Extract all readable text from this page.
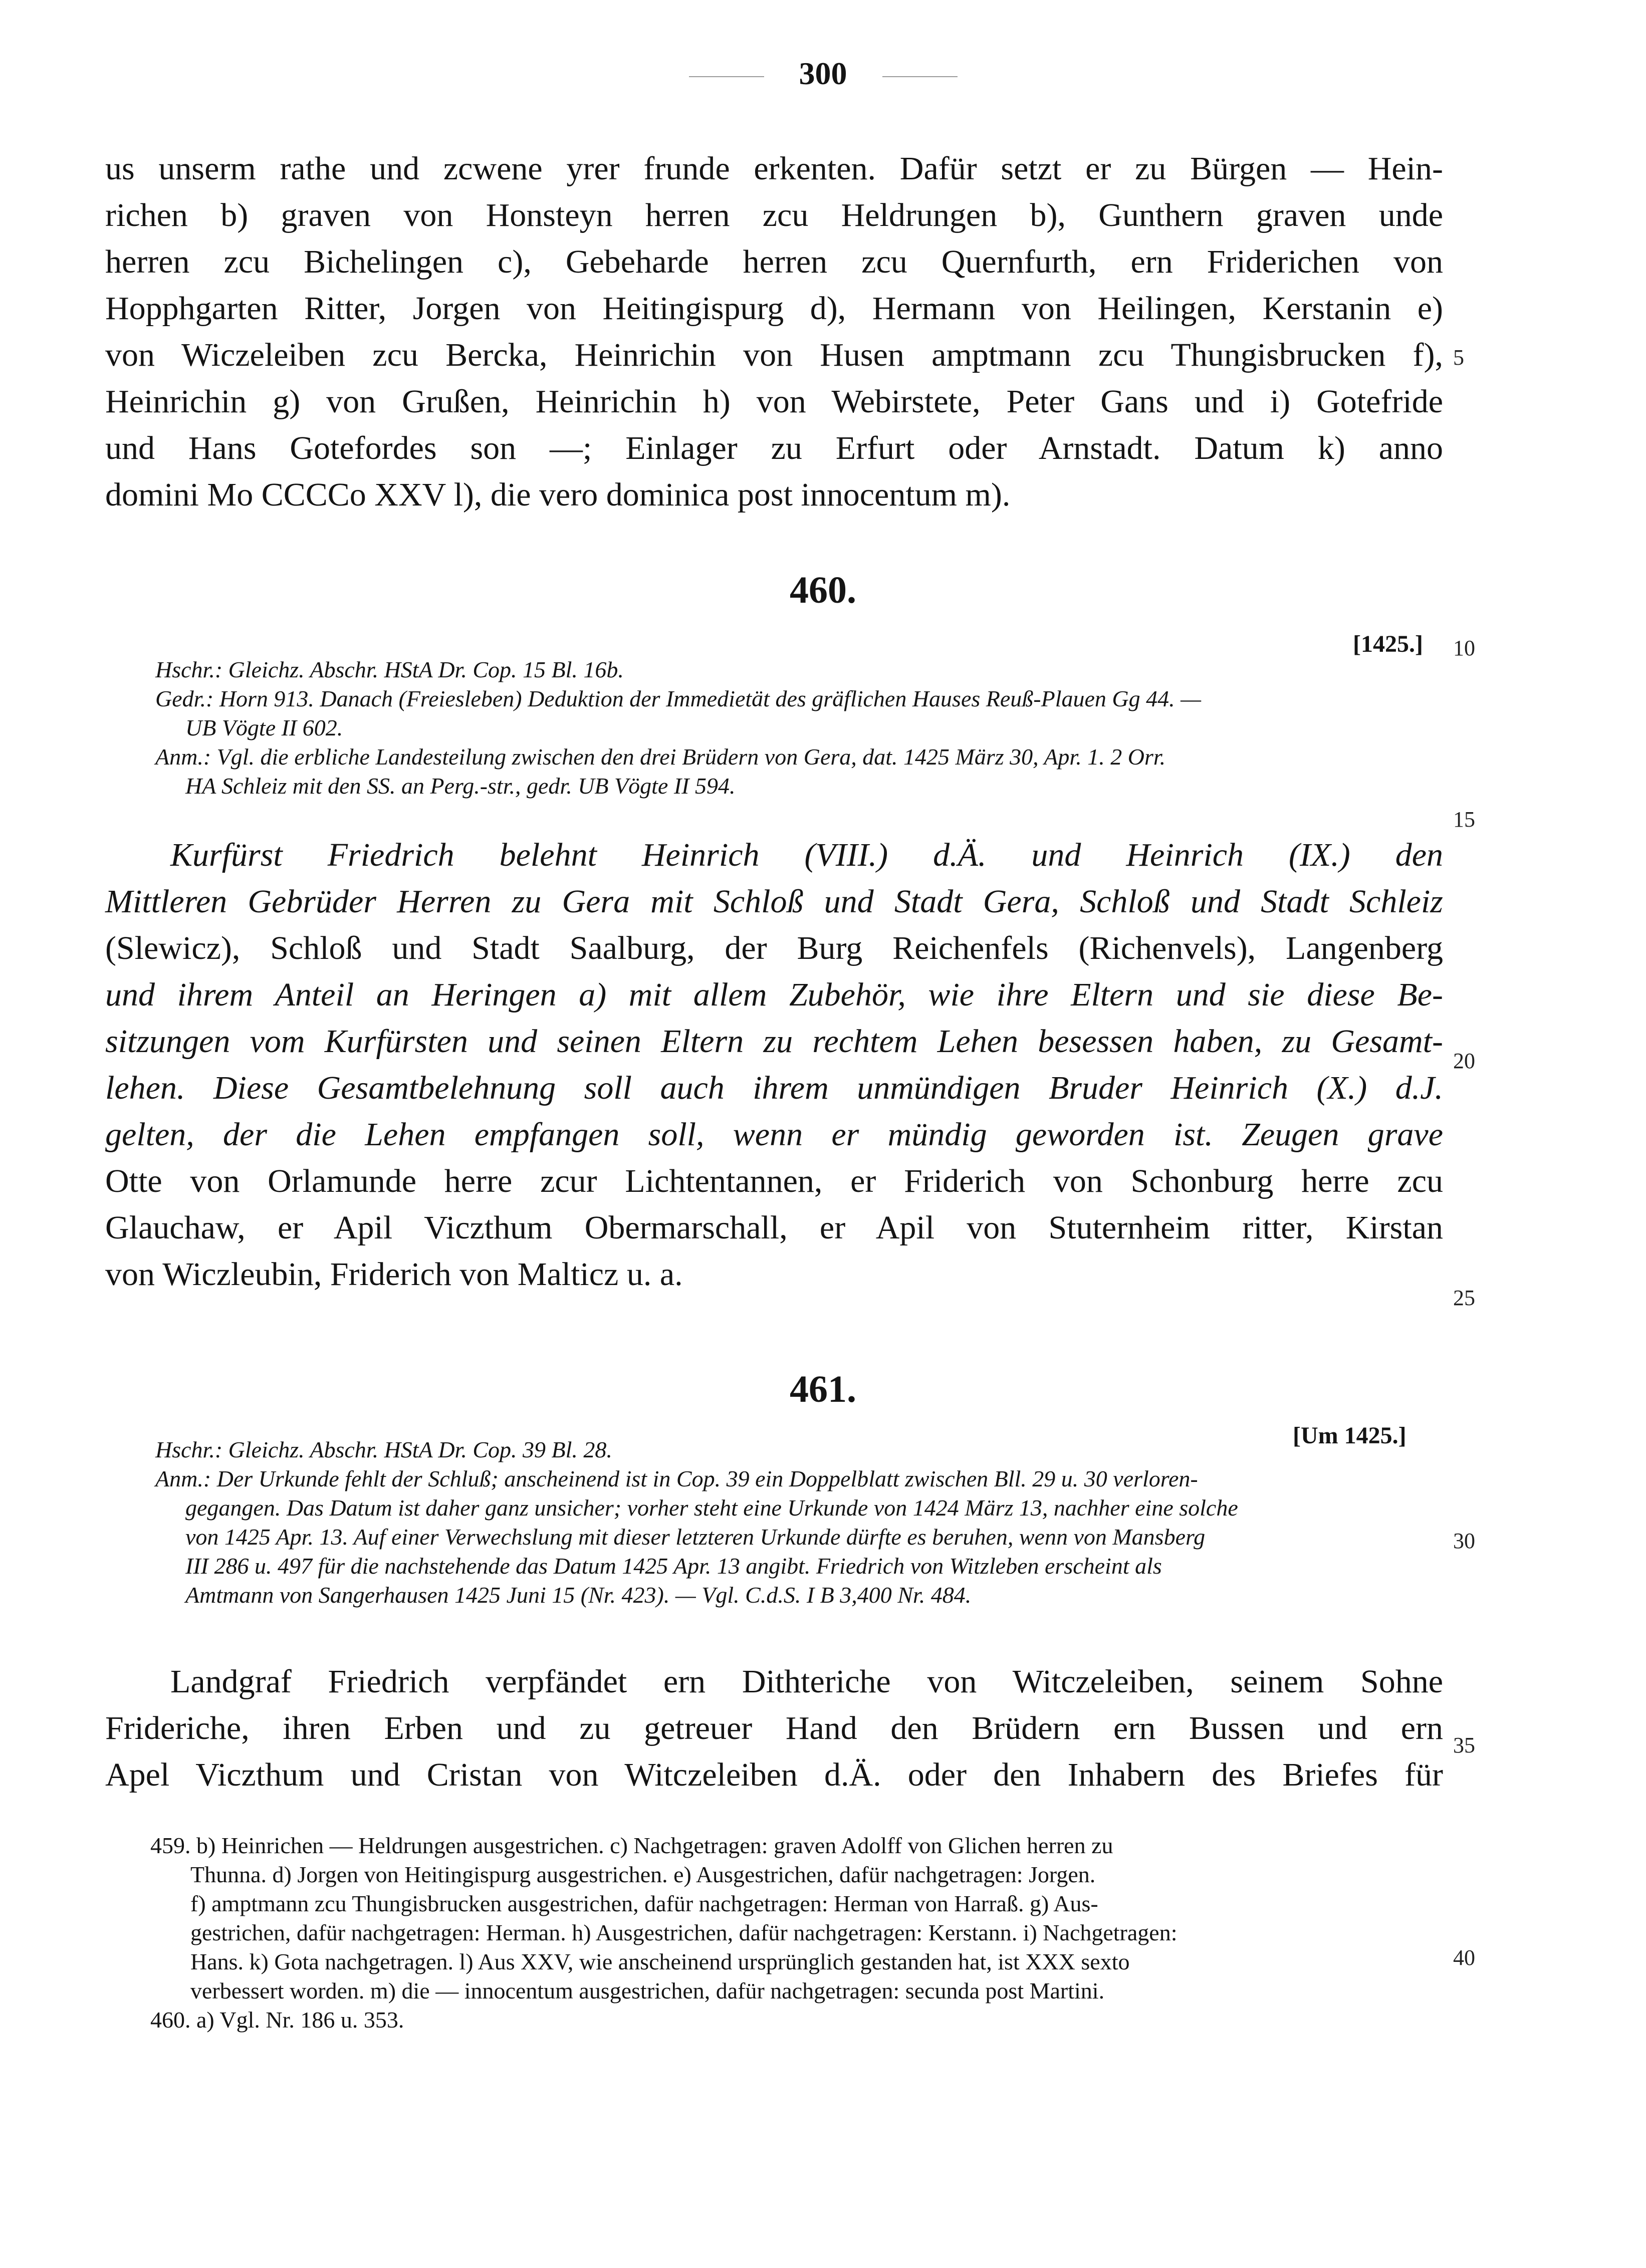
300
us unserm rathe und zcwene yrer frunde erkenten. Dafür setzt er zu Bürgen — Hein-
richen b) graven von Honsteyn herren zcu Heldrungen b), Gunthern graven unde
herren zcu Bichelingen c), Gebeharde herren zcu Quernfurth, ern Friderichen von
Hopphgarten Ritter, Jorgen von Heitingispurg d), Hermann von Heilingen, Kerstanin e)
von Wiczeleiben zcu Bercka, Heinrichin von Husen amptmann zcu Thungisbrucken f),
Heinrichin g) von Grußen, Heinrichin h) von Webirstete, Peter Gans und i) Gotefride
und Hans Gotefordes son —; Einlager zu Erfurt oder Arnstadt. Datum k) anno
domini Mo CCCCo XXV l), die vero dominica post innocentum m).
5
460.
[1425.] 10
Hschr.: Gleichz. Abschr. HStA Dr. Cop. 15 Bl. 16b.
Gedr.: Horn 913. Danach (Freiesleben) Deduktion der Immedietät des gräflichen Hauses Reuß-Plauen Gg 44. —
UB Vögte II 602.
Anm.: Vgl. die erbliche Landesteilung zwischen den drei Brüdern von Gera, dat. 1425 März 30, Apr. 1. 2 Orr.
HA Schleiz mit den SS. an Perg.-str., gedr. UB Vögte II 594.
15
Kurfürst Friedrich belehnt Heinrich (VIII.) d.Ä. und Heinrich (IX.) den
Mittleren Gebrüder Herren zu Gera mit Schloß und Stadt Gera, Schloß und Stadt Schleiz
(Slewicz), Schloß und Stadt Saalburg, der Burg Reichenfels (Richenvels), Langenberg
und ihrem Anteil an Heringen a) mit allem Zubehör, wie ihre Eltern und sie diese Be-
sitzungen vom Kurfürsten und seinen Eltern zu rechtem Lehen besessen haben, zu Gesamt-
lehen. Diese Gesamtbelehnung soll auch ihrem unmündigen Bruder Heinrich (X.) d.J.
gelten, der die Lehen empfangen soll, wenn er mündig geworden ist. Zeugen grave
Otte von Orlamunde herre zcur Lichtentannen, er Friderich von Schonburg herre zcu
Glauchaw, er Apil Viczthum Obermarschall, er Apil von Stuternheim ritter, Kirstan
von Wiczleubin, Friderich von Malticz u. a.
20
25
461.
[Um 1425.]
Hschr.: Gleichz. Abschr. HStA Dr. Cop. 39 Bl. 28.
Anm.: Der Urkunde fehlt der Schluß; anscheinend ist in Cop. 39 ein Doppelblatt zwischen Bll. 29 u. 30 verloren-
gegangen. Das Datum ist daher ganz unsicher; vorher steht eine Urkunde von 1424 März 13, nachher eine solche
von 1425 Apr. 13. Auf einer Verwechslung mit dieser letzteren Urkunde dürfte es beruhen, wenn von Mansberg
III 286 u. 497 für die nachstehende das Datum 1425 Apr. 13 angibt. Friedrich von Witzleben erscheint als
Amtmann von Sangerhausen 1425 Juni 15 (Nr. 423). — Vgl. C.d.S. I B 3,400 Nr. 484.
30
Landgraf Friedrich verpfändet ern Dithteriche von Witczeleiben, seinem Sohne
Frideriche, ihren Erben und zu getreuer Hand den Brüdern ern Bussen und ern
Apel Viczthum und Cristan von Witczeleiben d.Ä. oder den Inhabern des Briefes für
35
459. b) Heinrichen — Heldrungen ausgestrichen. c) Nachgetragen: graven Adolff von Glichen herren zu
Thunna. d) Jorgen von Heitingispurg ausgestrichen. e) Ausgestrichen, dafür nachgetragen: Jorgen.
f) amptmann zcu Thungisbrucken ausgestrichen, dafür nachgetragen: Herman von Harraß. g) Aus-
gestrichen, dafür nachgetragen: Herman. h) Ausgestrichen, dafür nachgetragen: Kerstann. i) Nachgetragen:
Hans. k) Gota nachgetragen. l) Aus XXV, wie anscheinend ursprünglich gestanden hat, ist XXX sexto
verbessert worden. m) die — innocentum ausgestrichen, dafür nachgetragen: secunda post Martini.
460. a) Vgl. Nr. 186 u. 353.
40
